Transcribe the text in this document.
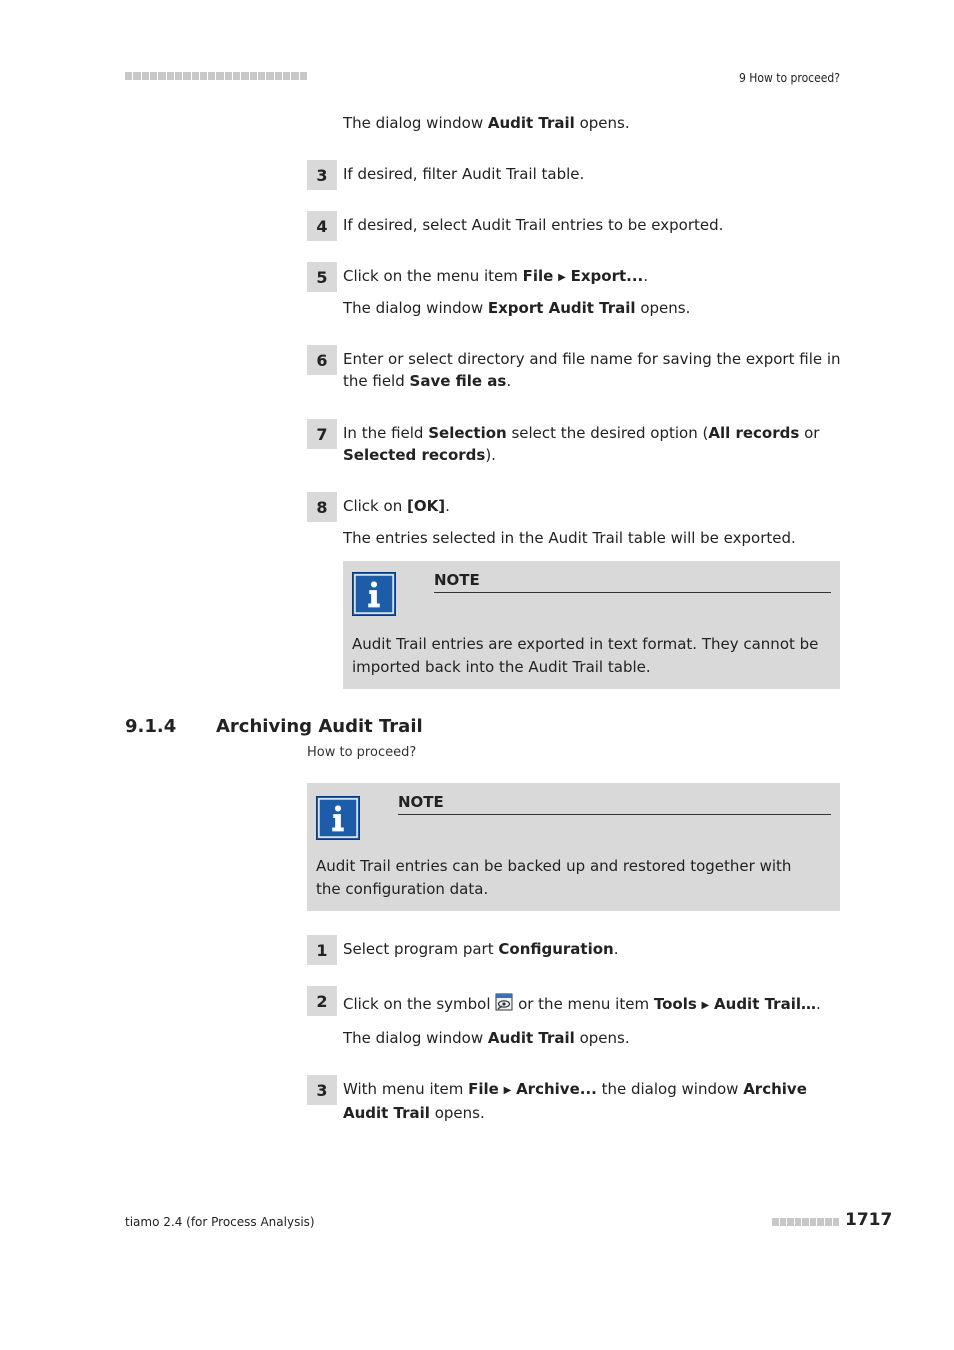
9 How to proceed?
The dialog window Audit Trail opens.
3	If desired, filter Audit Trail table.
4	If desired, select Audit Trail entries to be exported.
5	Click on the menu item File ▶ Export....
The dialog window Export Audit Trail opens.
6	Enter or select directory and file name for saving the export file in the field Save file as.
7	In the field Selection select the desired option (All records or Selected records).
8	Click on [OK].
The entries selected in the Audit Trail table will be exported.
NOTE
Audit Trail entries are exported in text format. They cannot be imported back into the Audit Trail table.
9.1.4 Archiving Audit Trail
How to proceed?
NOTE
Audit Trail entries can be backed up and restored together with the configuration data.
1	Select program part Configuration.
2	Click on the symbol  or the menu item Tools ▶ Audit Trail….
The dialog window Audit Trail opens.
3	With menu item File ▶ Archive... the dialog window Archive Audit Trail opens.
tiamo 2.4 (for Process Analysis)	1717
